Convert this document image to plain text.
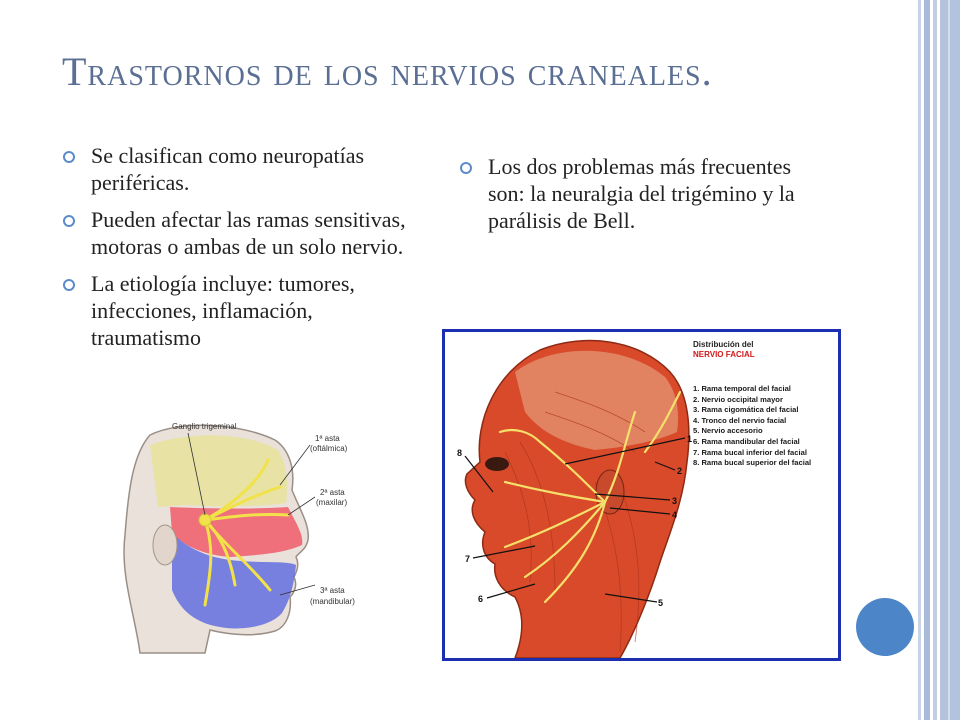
Trastornos de los nervios craneales.
Se clasifican como neuropatías periféricas.
Pueden afectar las ramas sensitivas, motoras o ambas de un solo nervio.
La etiología incluye: tumores, infecciones, inflamación, traumatismo
Los dos problemas más frecuentes son: la neuralgia del trigémino y la parálisis de Bell.
Ganglio trigeminal
1ª asta
(oftálmica)
2ª asta
(maxilar)
3ª asta
(mandibular)
1
2
3
4
5
6
7
8
Distribución del
NERVIO FACIAL
1. Rama temporal del facial
2. Nervio occipital mayor
3. Rama cigomática del facial
4. Tronco del nervio facial
5. Nervio accesorio
6. Rama mandibular del facial
7. Rama bucal inferior del facial
8. Rama bucal superior del facial
